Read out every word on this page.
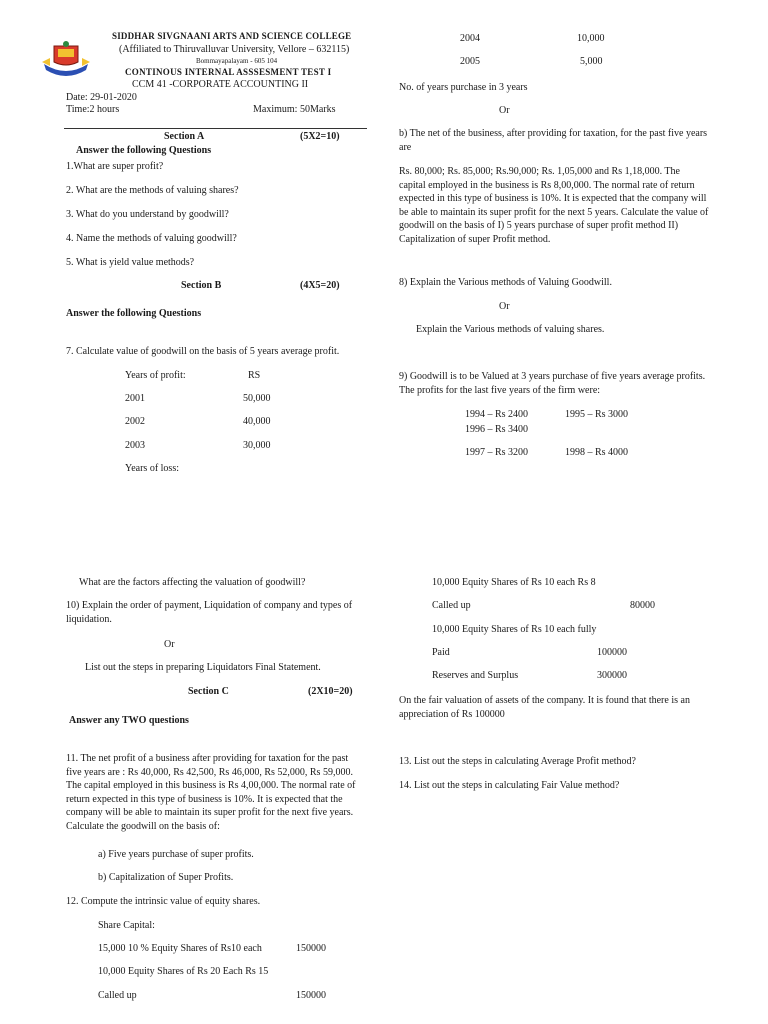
SIDDHAR SIVGNAANI ARTS AND SCIENCE COLLEGE
(Affiliated to Thiruvalluvar University, Vellore – 632115)
Bommayapalayam - 605 104
CONTINOUS INTERNAL ASSSESMENT TEST I
CCM 41 -CORPORATE ACCOUNTING II
Date: 29-01-2020
Time:2 hours	Maximum: 50Marks
Section A	(5X2=10)
Answer the following Questions
1.What are super profit?
2. What are the methods of valuing shares?
3. What do you understand by goodwill?
4. Name the methods of valuing goodwill?
5. What is yield value methods?
Section B	(4X5=20)
Answer the following Questions
7. Calculate value of goodwill on the basis of 5 years average profit.
Years of profit:	RS
2001	50,000
2002	40,000
2003	30,000
Years of loss:
2004	10,000
2005	5,000
No. of years purchase in 3 years
Or
b) The net of the business, after providing for taxation, for the past five years are
Rs. 80,000; Rs. 85,000; Rs.90,000; Rs. 1,05,000 and Rs 1,18,000. The capital employed in the business is Rs 8,00,000. The normal rate of return expected in this type of business is 10%. It is expected that the company will be able to maintain its super profit for the next 5 years. Calculate the value of goodwill on the basis of I) 5 years purchase of super profit method II) Capitalization of super Profit method.
8) Explain the Various methods of Valuing Goodwill.
Or
Explain the Various methods of valuing shares.
9) Goodwill is to be Valued at 3 years purchase of five years average profits. The profits for the last five years of the firm were:
1994 – Rs 2400	1995 – Rs 3000
1996 – Rs 3400
1997 – Rs 3200	1998 – Rs 4000
What are the factors affecting the valuation of goodwill?
10) Explain the order of payment, Liquidation of company and types of liquidation.
Or
List out the steps in preparing Liquidators Final Statement.
Section C	(2X10=20)
Answer any TWO questions
11. The net profit of a business after providing for taxation for the past five years are : Rs 40,000, Rs 42,500, Rs 46,000, Rs 52,000, Rs 59,000. The capital employed in this business is Rs 4,00,000. The normal rate of return expected in this type of business is 10%. It is expected that the company will be able to maintain its super profit for the next five years. Calculate the goodwill on the basis of:
a) Five years purchase of super profits.
b) Capitalization of Super Profits.
12. Compute the intrinsic value of equity shares.
Share Capital:
15,000 10 % Equity Shares of Rs10 each	150000
10,000 Equity Shares of Rs 20 Each Rs 15
Called up	150000
10,000 Equity Shares of Rs 10 each Rs 8
Called up	80000
10,000 Equity Shares of Rs 10 each fully
Paid	100000
Reserves and Surplus	300000
On the fair valuation of assets of the company. It is found that there is an appreciation of Rs 100000
13. List out the steps in calculating Average Profit method?
14. List out the steps in calculating Fair Value method?
